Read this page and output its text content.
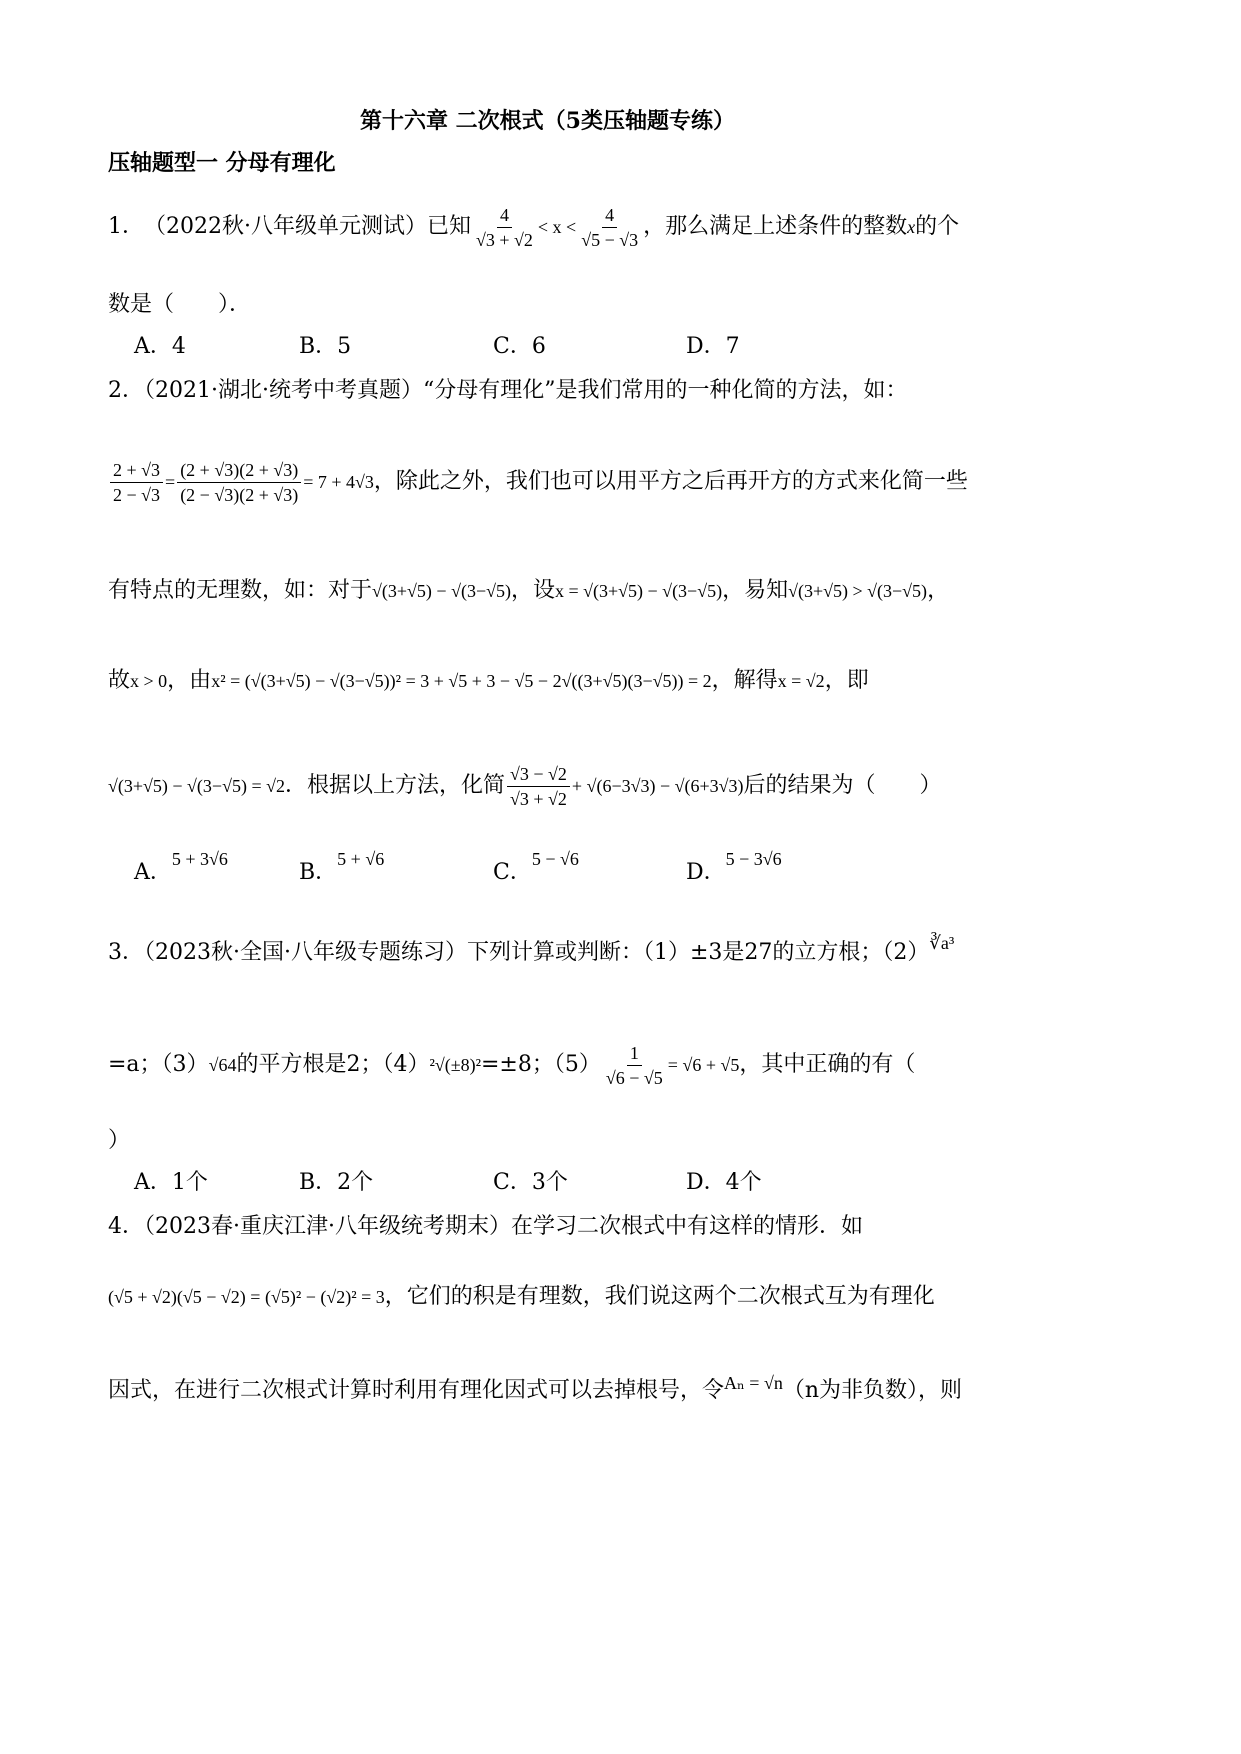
第十六章 二次根式（5类压轴题专练）
压轴题型一 分母有理化
1． （2022秋·八年级单元测试）已知 $\frac{4}{√3 + √2} < x < \frac{4}{√5 - √3}$ ，那么满足上述条件的整数 x 的个
数是（　　）．
A．4	B．5	C．6	D．7
2．（2021·湖北·统考中考真题）“分母有理化”是我们常用的一种化简的方法，如：
$\frac{2 + √3}{2 - √3} = \frac{(2 + √3)(2 + √3)}{(2 - √3)(2 + √3)} = 7 + 4√3$ ，除此之外，我们也可以用平方之后再开方的方式来化简一些
有特点的无理数，如：对于√(3+√5) − √(3−√5)，设x = √(3+√5) − √(3−√5)，易知√(3+√5) > √(3−√5)，
故x > 0，由x² = (√(3+√5) − √(3−√5))² = 3 + √5 + 3 − √5 − 2√((3+√5)(3−√5)) = 2，解得x = √2，即
√(3+√5) − √(3−√5) = √2 ．根据以上方法，化简 $\frac{√3 - √2}{√3 + √2} + √(6-3√3) - √(6+3√3)$ 后的结果为（　　）
A．$^{5 + 3√6}$
B．$^{5 + √6}$
C．$^{5 - √6}$
D．$^{5 - 3√6}$
3．（2023秋·全国·八年级专题练习）下列计算或判断：（1）±3是27的立方根；$(2)^{∛a^3}$
=a；（3） √64 的平方根是2；（4） ²√(±8)² =±8；$(5) \frac{1}{√6 - √5} = √6 + √5$ ，其中正确的有（
）
A．1个	B．2个	C．3个	D．4个
4．（2023春·重庆江津·八年级统考期末）在学习二次根式中有这样的情形．如
(√5 + √2)(√5 − √2) = (√5)² − (√2)² = 3，它们的积是有理数，我们说这两个二次根式互为有理化
因式，在进行二次根式计算时利用有理化因式可以去掉根号，令$^{A_n = √n}$（n为非负数），则
